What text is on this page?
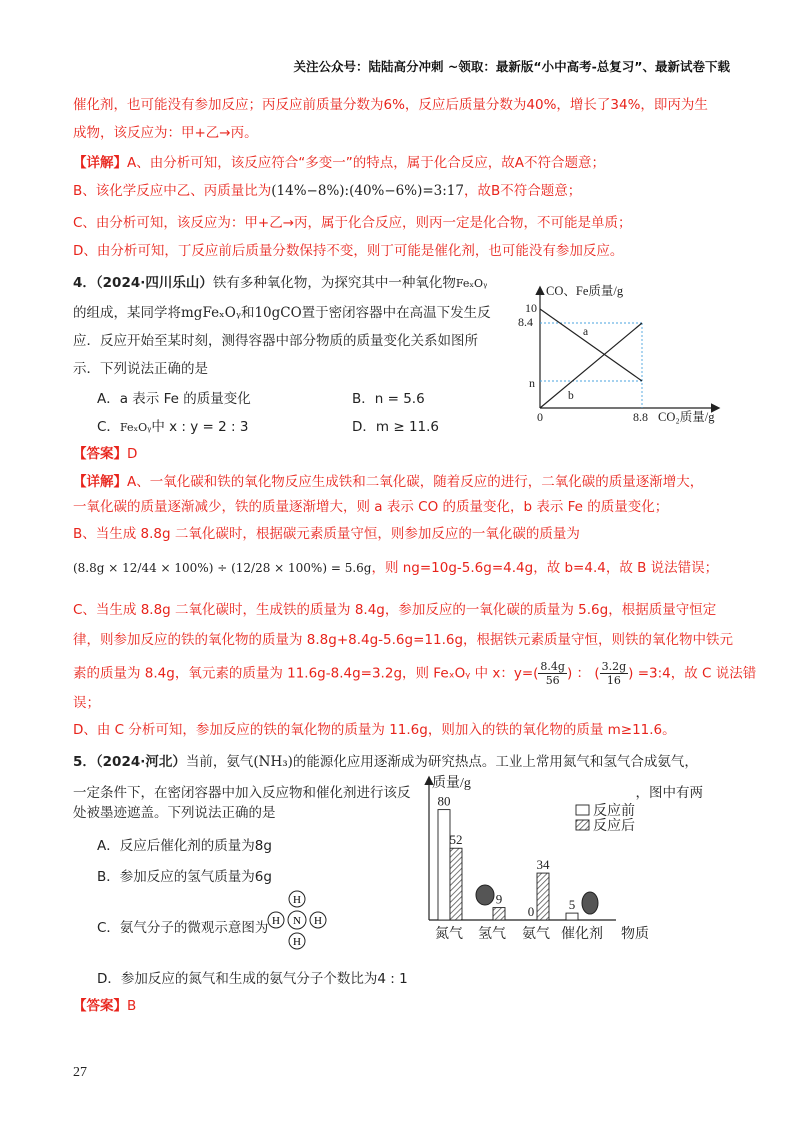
关注公众号：陆陆高分冲刺 ~领取：最新版“小中高考-总复习”、最新试卷下载
催化剂，也可能没有参加反应；丙反应前质量分数为6%，反应后质量分数为40%，增长了34%，即丙为生
成物，该反应为：甲+乙→丙。
【详解】A、由分析可知，该反应符合“多变一”的特点，属于化合反应，故A不符合题意；
B、该化学反应中乙、丙质量比为(14%−8%):(40%−6%)=3:17，故B不符合题意；
C、由分析可知，该反应为：甲+乙→丙，属于化合反应，则丙一定是化合物，不可能是单质；
D、由分析可知，丁反应前后质量分数保持不变，则丁可能是催化剂，也可能没有参加反应。
4．（2024·四川乐山）铁有多种氧化物，为探究其中一种氧化物FeₓOᵧ
的组成，某同学将mgFeₓOᵧ和10gCO置于密闭容器中在高温下发生反
应．反应开始至某时刻，测得容器中部分物质的质量变化关系如图所
示．下列说法正确的是
A．a 表示 Fe 的质量变化	B．n = 5.6
C．FeₓOᵧ中 x : y = 2 : 3	D．m ≥ 11.6
CO、Fe质量/g
10
8.4
n
0	8.8 CO₂质量/g
a
b
【答案】D
【详解】A、一氧化碳和铁的氧化物反应生成铁和二氧化碳，随着反应的进行，二氧化碳的质量逐渐增大，
一氧化碳的质量逐渐减少，铁的质量逐渐增大，则 a 表示 CO 的质量变化，b 表示 Fe 的质量变化；
B、当生成 8.8g 二氧化碳时，根据碳元素质量守恒，则参加反应的一氧化碳的质量为
(8.8g × 12/44 × 100%) ÷ (12/28 × 100%) = 5.6g，则 ng=10g-5.6g=4.4g，故 b=4.4，故 B 说法错误；
C、当生成 8.8g 二氧化碳时，生成铁的质量为 8.4g，参加反应的一氧化碳的质量为 5.6g，根据质量守恒定
律，则参加反应的铁的氧化物的质量为 8.8g+8.4g-5.6g=11.6g，根据铁元素质量守恒，则铁的氧化物中铁元
素的质量为 8.4g，氧元素的质量为 11.6g-8.4g=3.2g，则 FeₓOᵧ 中 x：$y=( \frac{8.4g}{56}$ ) ： ( $\frac{3.2g}{16}$ ) =3:4，故 C 说法错
误；
D、由 C 分析可知，参加反应的铁的氧化物的质量为 11.6g，则加入的铁的氧化物的质量 m≥11.6。
5．（2024·河北）当前，氨气(NH₃)的能源化应用逐渐成为研究热点。工业上常用氮气和氢气合成氨气，
一定条件下，在密闭容器中加入反应物和催化剂进行该反	，图中有两
处被墨迹遮盖。下列说法正确的是
A．反应后催化剂的质量为8g
B．参加反应的氢气质量为6g
C．氨气分子的微观示意图为
H
H N H
H
D．参加反应的氮气和生成的氨气分子个数比为4 : 1
【答案】B
质量/g
物质
反应前
反应后
80
52
9
0
34
5
氮气 氢气 氨气 催化剂
27
